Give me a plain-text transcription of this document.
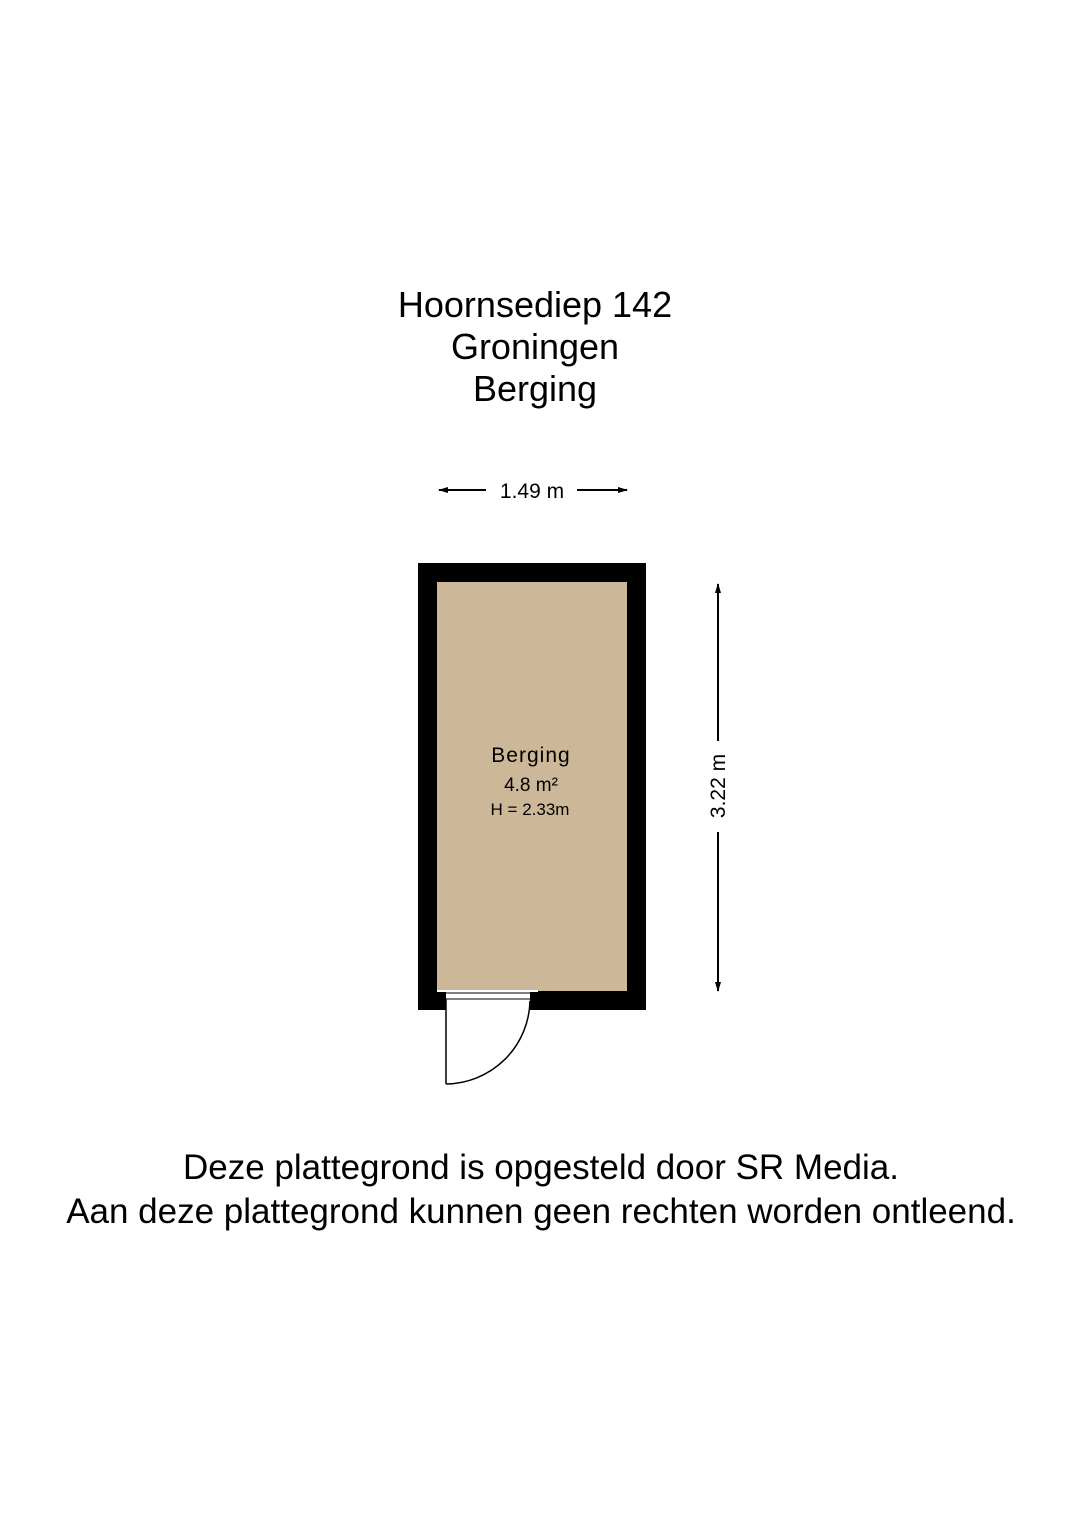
Hoornsediep 142
Groningen
Berging
1.49 m
3.22 m
Berging
4.8 m²
H = 2.33m
Deze plattegrond is opgesteld door SR Media.
Aan deze plattegrond kunnen geen rechten worden ontleend.
